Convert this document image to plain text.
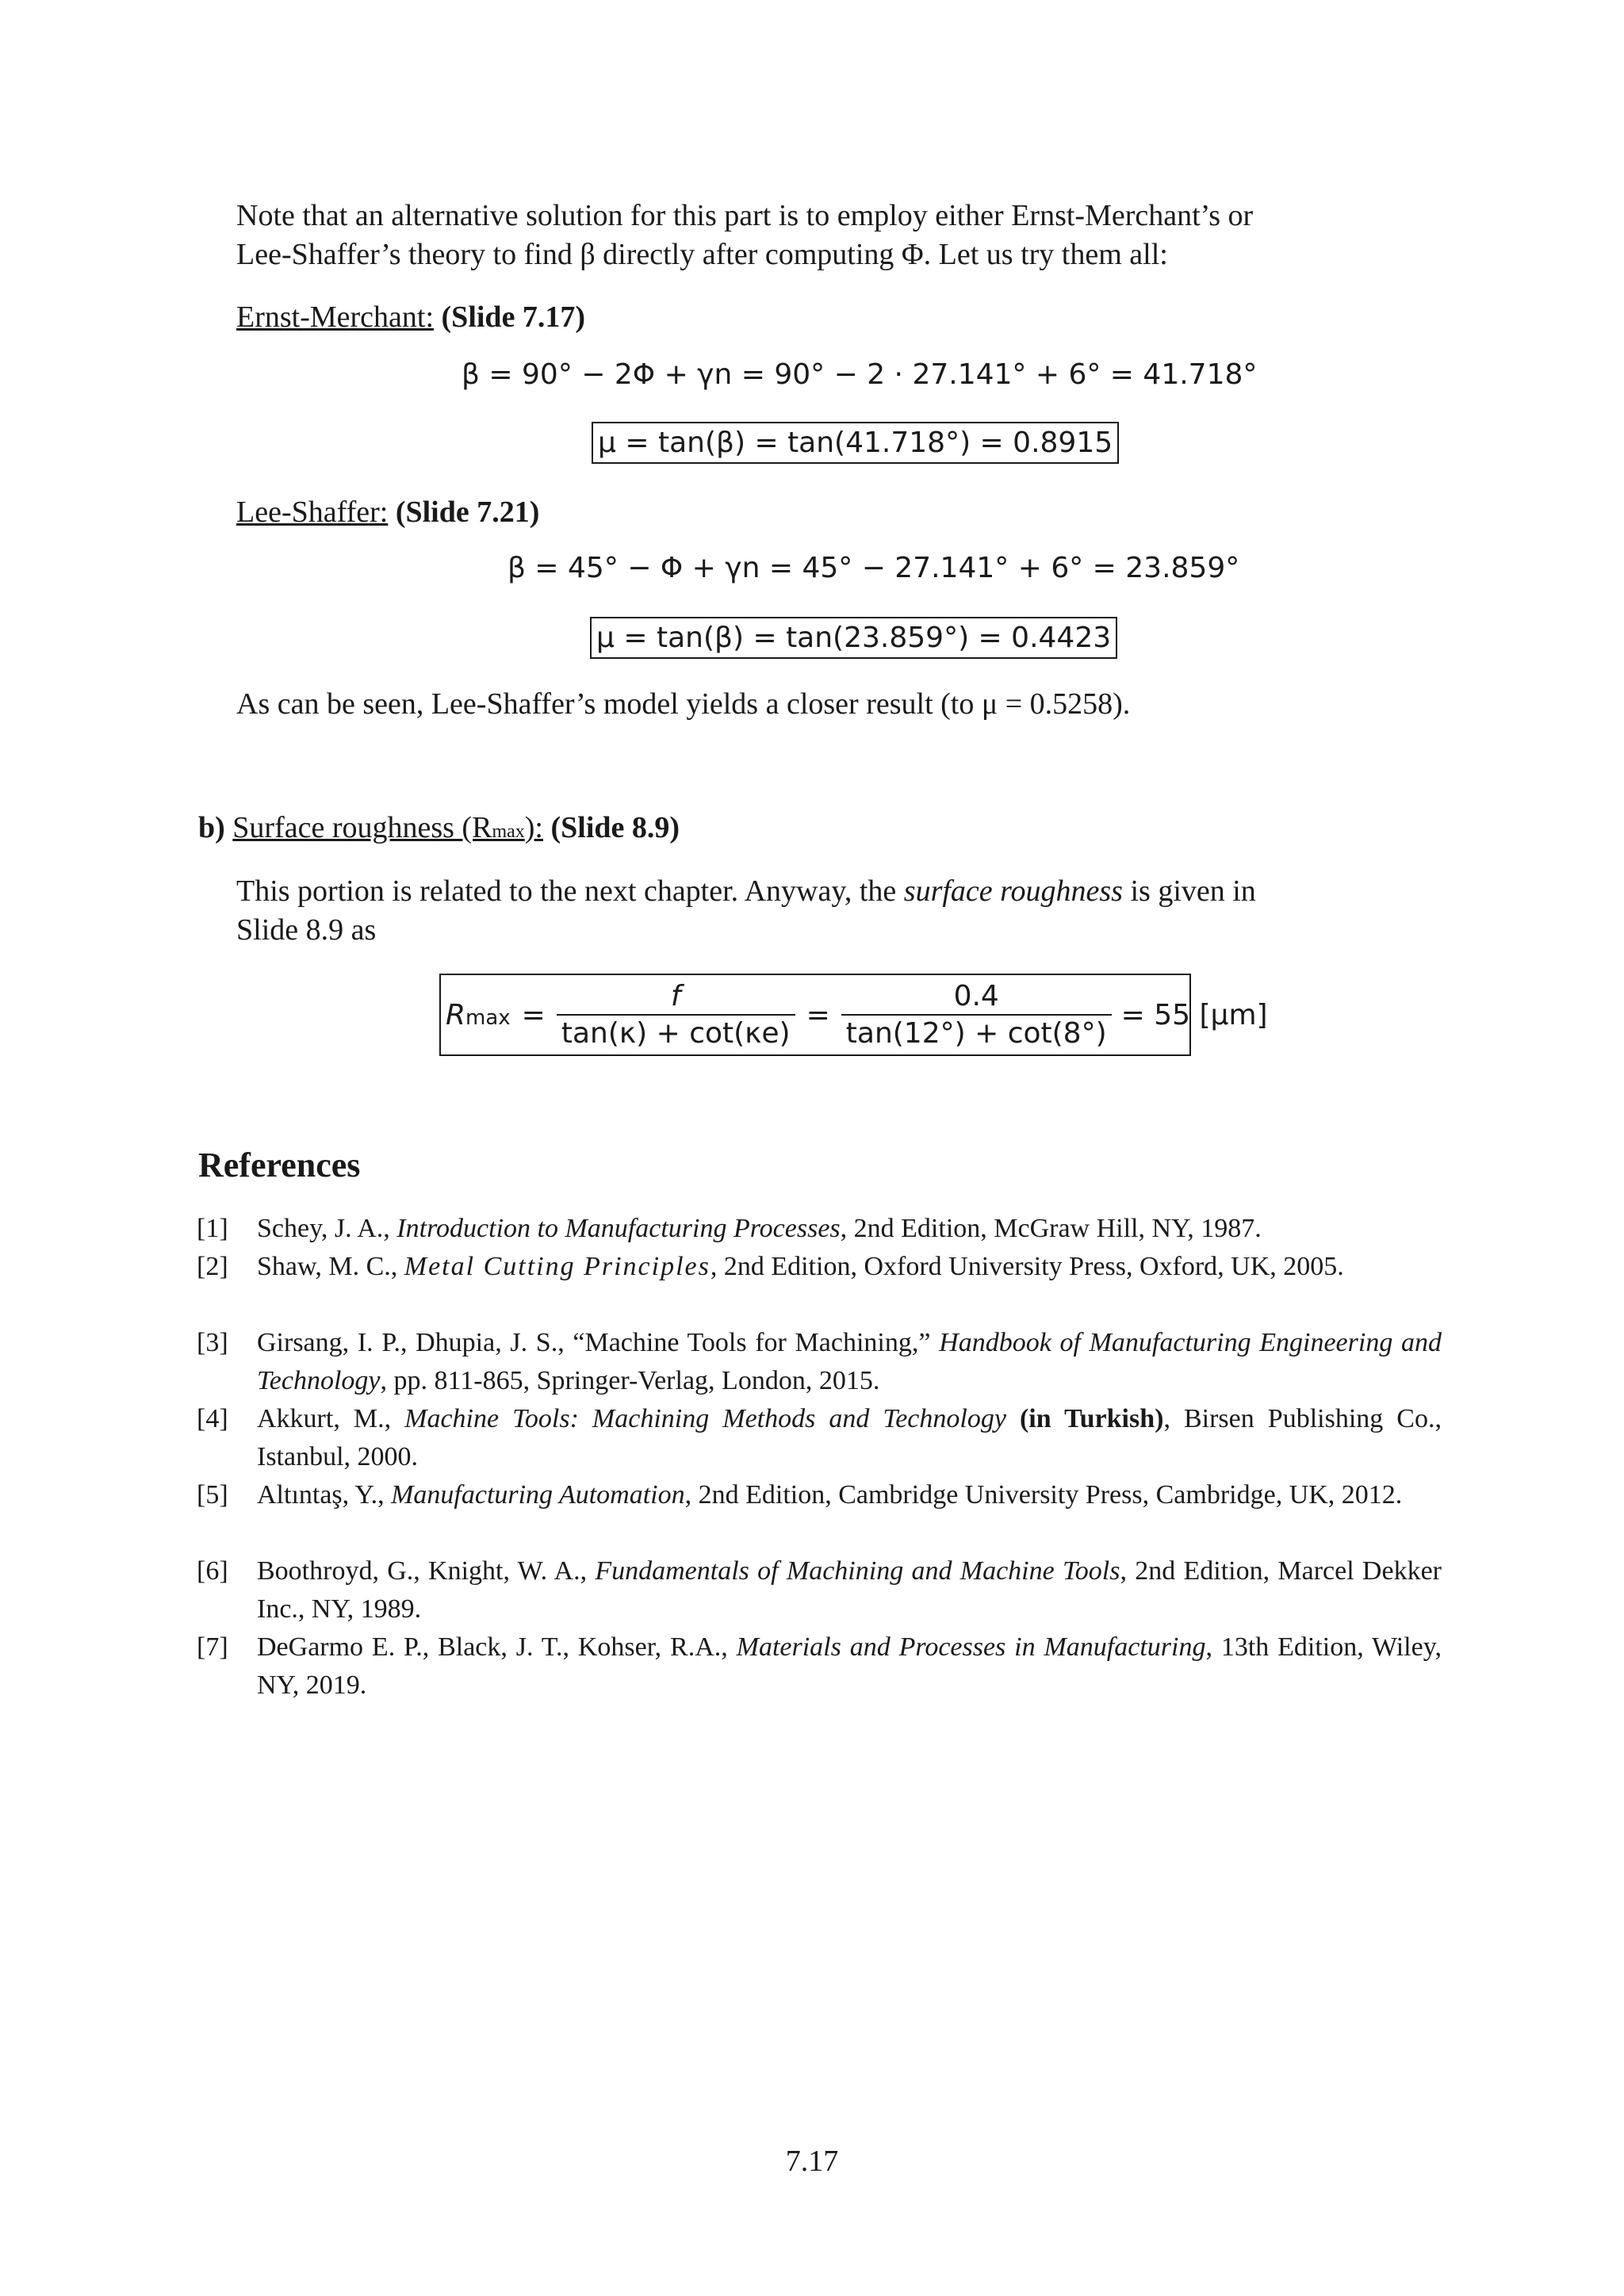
Note that an alternative solution for this part is to employ either Ernst-Merchant’s or
Lee-Shaffer’s theory to find β directly after computing Φ. Let us try them all:
Ernst-Merchant: (Slide 7.17)
β = 90° − 2Φ + γn = 90° − 2 · 27.141° + 6° = 41.718°
μ = tan(β) = tan(41.718°) = 0.8915
Lee-Shaffer: (Slide 7.21)
β = 45° − Φ + γn = 45° − 27.141° + 6° = 23.859°
μ = tan(β) = tan(23.859°) = 0.4423
As can be seen, Lee-Shaffer’s model yields a closer result (to μ = 0.5258).
b) Surface roughness (Rmax): (Slide 8.9)
This portion is related to the next chapter. Anyway, the surface roughness is given in
Slide 8.9 as
$Rmax = \frac{f}{\tan(\kappa) + \cot(\kappa e)} = \frac{0.4}{\tan(12^\circ) + \cot(8^\circ)} = 55$ [μm]
References
[1] Schey, J. A., Introduction to Manufacturing Processes, 2nd Edition, McGraw Hill, NY, 1987.
[2] Shaw, M. C., Metal Cutting Principles, 2nd Edition, Oxford University Press, Oxford, UK, 2005.
[3] Girsang, I. P., Dhupia, J. S., “Machine Tools for Machining,” Handbook of Manufacturing Engineering and Technology, pp. 811-865, Springer-Verlag, London, 2015.
[4] Akkurt, M., Machine Tools: Machining Methods and Technology (in Turkish), Birsen Publishing Co., Istanbul, 2000.
[5] Altıntaş, Y., Manufacturing Automation, 2nd Edition, Cambridge University Press, Cambridge, UK, 2012.
[6] Boothroyd, G., Knight, W. A., Fundamentals of Machining and Machine Tools, 2nd Edition, Marcel Dekker Inc., NY, 1989.
[7] DeGarmo E. P., Black, J. T., Kohser, R.A., Materials and Processes in Manufacturing, 13th Edition, Wiley, NY, 2019.
7.17
